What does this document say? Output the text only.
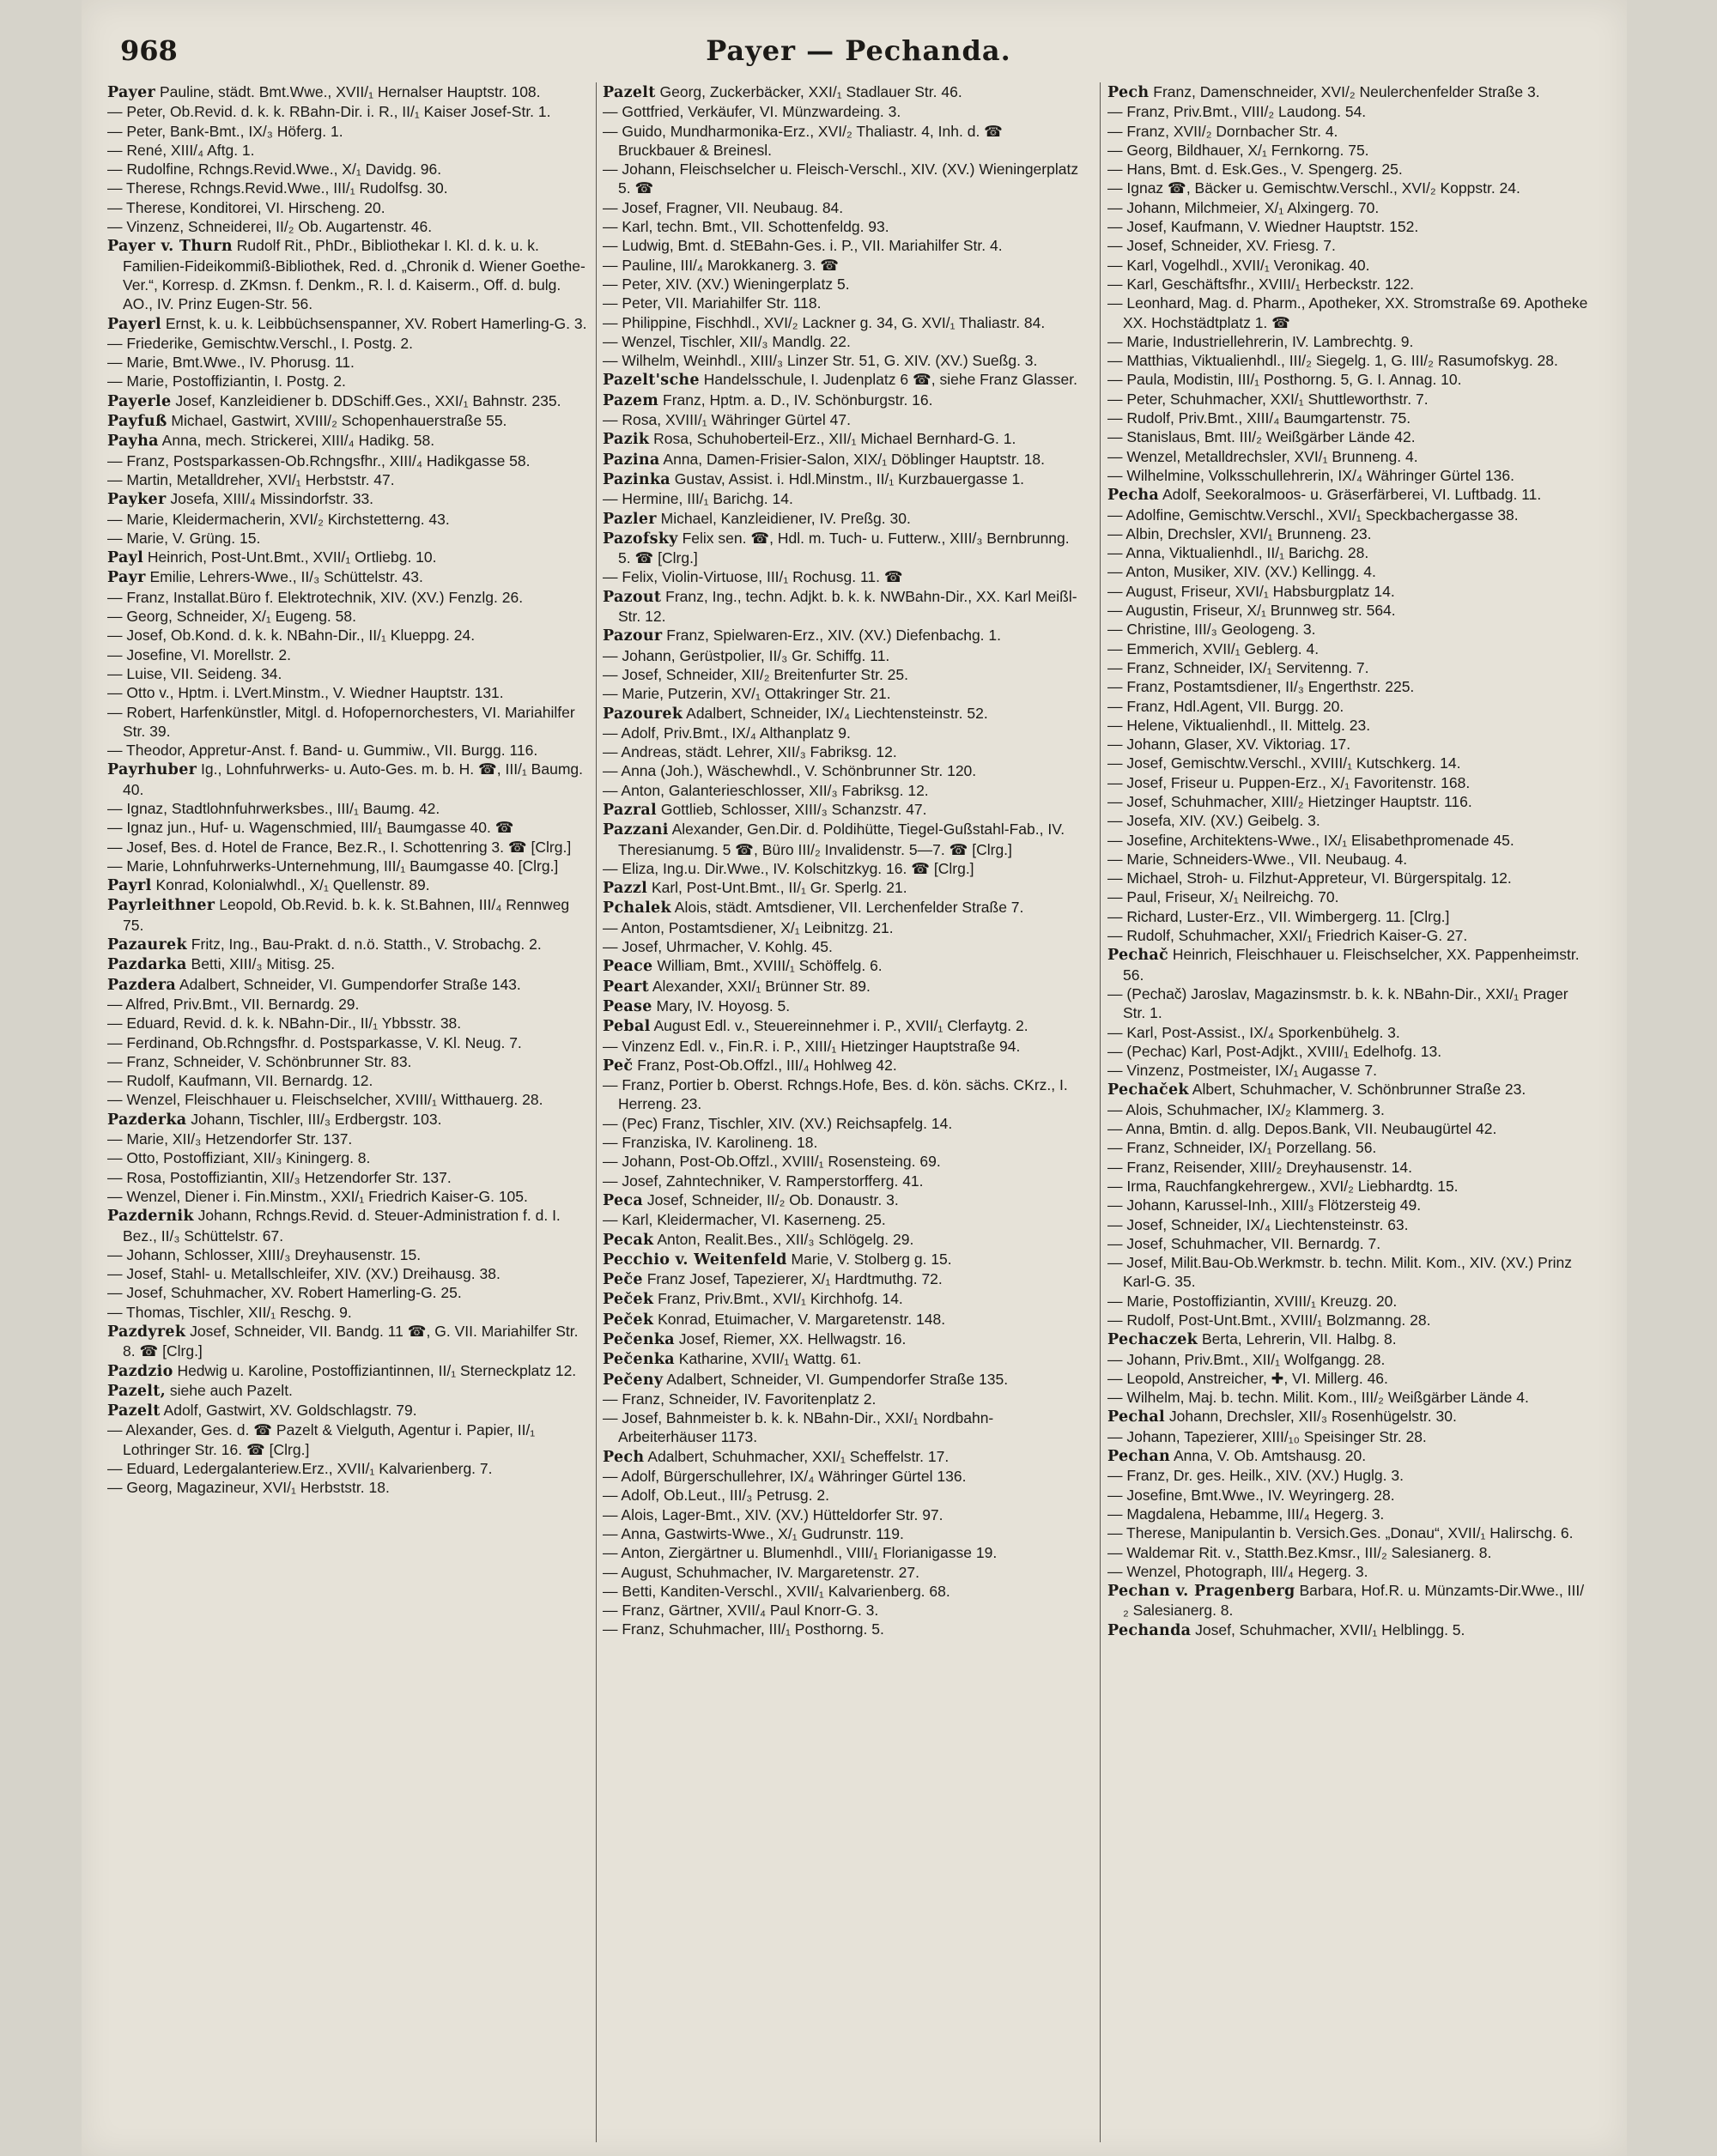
968	Payer — Pechanda.

Payer Pauline, städt. Bmt.Wwe., XVII/₁ Hernalser Hauptstr. 108.

— Peter, Ob.Revid. d. k. k. RBahn-Dir. i. R., II/₁ Kaiser Josef-Str. 1.

— Peter, Bank-Bmt., IX/₃ Höferg. 1.

— René, XIII/₄ Aftg. 1.

— Rudolfine, Rchngs.Revid.Wwe., X/₁ Davidg. 96.

— Therese, Rchngs.Revid.Wwe., III/₁ Rudolfsg. 30.

— Therese, Konditorei, VI. Hirscheng. 20.

— Vinzenz, Schneiderei, II/₂ Ob. Augartenstr. 46.

Payer v. Thurn Rudolf Rit., PhDr., Bibliothekar I. Kl. d. k. u. k. Familien-Fideikommiß-Bibliothek, Red. d. „Chronik d. Wiener Goethe-Ver.“, Korresp. d. ZKmsn. f. Denkm., R. l. d. Kaiserm., Off. d. bulg. AO., IV. Prinz Eugen-Str. 56.

Payerl Ernst, k. u. k. Leibbüchsenspanner, XV. Robert Hamerling-G. 3.

— Friederike, Gemischtw.Verschl., I. Postg. 2.

— Marie, Bmt.Wwe., IV. Phorusg. 11.

— Marie, Postoffiziantin, I. Postg. 2.

Payerle Josef, Kanzleidiener b. DDSchiff.Ges., XXI/₁ Bahnstr. 235.

Payfuß Michael, Gastwirt, XVIII/₂ Schopenhauerstraße 55.

Payha Anna, mech. Strickerei, XIII/₄ Hadikg. 58.

— Franz, Postsparkassen-Ob.Rchngsfhr., XIII/₄ Hadikgasse 58.

— Martin, Metalldreher, XVI/₁ Herbststr. 47.

Payker Josefa, XIII/₄ Missindorfstr. 33.

— Marie, Kleidermacherin, XVI/₂ Kirchstetterng. 43.

— Marie, V. Grüng. 15.

Payl Heinrich, Post-Unt.Bmt., XVII/₁ Ortliebg. 10.

Payr Emilie, Lehrers-Wwe., II/₃ Schüttelstr. 43.

— Franz, Installat.Büro f. Elektrotechnik, XIV. (XV.) Fenzlg. 26.

— Georg, Schneider, X/₁ Eugeng. 58.

— Josef, Ob.Kond. d. k. k. NBahn-Dir., II/₁ Klueppg. 24.

— Josefine, VI. Morellstr. 2.

— Luise, VII. Seideng. 34.

— Otto v., Hptm. i. LVert.Minstm., V. Wiedner Hauptstr. 131.

— Robert, Harfenkünstler, Mitgl. d. Hofopernorchesters, VI. Mariahilfer Str. 39.

— Theodor, Appretur-Anst. f. Band- u. Gummiw., VII. Burgg. 116.

Payrhuber Ig., Lohnfuhrwerks- u. Auto-Ges. m. b. H. ☎, III/₁ Baumg. 40.

— Ignaz, Stadtlohnfuhrwerksbes., III/₁ Baumg. 42.

— Ignaz jun., Huf- u. Wagenschmied, III/₁ Baumgasse 40. ☎

— Josef, Bes. d. Hotel de France, Bez.R., I. Schottenring 3. ☎ [Clrg.]

— Marie, Lohnfuhrwerks-Unternehmung, III/₁ Baumgasse 40. [Clrg.]

Payrl Konrad, Kolonialwhdl., X/₁ Quellenstr. 89.

Payrleithner Leopold, Ob.Revid. b. k. k. St.Bahnen, III/₄ Rennweg 75.

Pazaurek Fritz, Ing., Bau-Prakt. d. n.ö. Statth., V. Strobachg. 2.

Pazdarka Betti, XIII/₃ Mitisg. 25.

Pazdera Adalbert, Schneider, VI. Gumpendorfer Straße 143.

— Alfred, Priv.Bmt., VII. Bernardg. 29.

— Eduard, Revid. d. k. k. NBahn-Dir., II/₁ Ybbsstr. 38.

— Ferdinand, Ob.Rchngsfhr. d. Postsparkasse, V. Kl. Neug. 7.

— Franz, Schneider, V. Schönbrunner Str. 83.

— Rudolf, Kaufmann, VII. Bernardg. 12.

— Wenzel, Fleischhauer u. Fleischselcher, XVIII/₁ Witthauerg. 28.

Pazderka Johann, Tischler, III/₃ Erdbergstr. 103.

— Marie, XII/₃ Hetzendorfer Str. 137.

— Otto, Postoffiziant, XII/₃ Kiningerg. 8.

— Rosa, Postoffiziantin, XII/₃ Hetzendorfer Str. 137.

— Wenzel, Diener i. Fin.Minstm., XXI/₁ Friedrich Kaiser-G. 105.

Pazdernik Johann, Rchngs.Revid. d. Steuer-Administration f. d. I. Bez., II/₃ Schüttelstr. 67.

— Johann, Schlosser, XIII/₃ Dreyhausenstr. 15.

— Josef, Stahl- u. Metallschleifer, XIV. (XV.) Dreihausg. 38.

— Josef, Schuhmacher, XV. Robert Hamerling-G. 25.

— Thomas, Tischler, XII/₁ Reschg. 9.

Pazdyrek Josef, Schneider, VII. Bandg. 11 ☎, G. VII. Mariahilfer Str. 8. ☎ [Clrg.]

Pazdzio Hedwig u. Karoline, Postoffiziantinnen, II/₁ Sterneckplatz 12.

Pazelt, siehe auch Pazelt.

Pazelt Adolf, Gastwirt, XV. Goldschlagstr. 79.

— Alexander, Ges. d. ☎ Pazelt & Vielguth, Agentur i. Papier, II/₁ Lothringer Str. 16. ☎ [Clrg.]

— Eduard, Ledergalanteriew.Erz., XVII/₁ Kalvarienberg. 7.

— Georg, Magazineur, XVI/₁ Herbststr. 18.

Pazelt Georg, Zuckerbäcker, XXI/₁ Stadlauer Str. 46.

— Gottfried, Verkäufer, VI. Münzwardeing. 3.

— Guido, Mundharmonika-Erz., XVI/₂ Thaliastr. 4, Inh. d. ☎ Bruckbauer & Breinesl.

— Johann, Fleischselcher u. Fleisch-Verschl., XIV. (XV.) Wieningerplatz 5. ☎

— Josef, Fragner, VII. Neubaug. 84.

— Karl, techn. Bmt., VII. Schottenfeldg. 93.

— Ludwig, Bmt. d. StEBahn-Ges. i. P., VII. Mariahilfer Str. 4.

— Pauline, III/₄ Marokkanerg. 3. ☎

— Peter, XIV. (XV.) Wieningerplatz 5.

— Peter, VII. Mariahilfer Str. 118.

— Philippine, Fischhdl., XVI/₂ Lackner g. 34, G. XVI/₁ Thaliastr. 84.

— Wenzel, Tischler, XII/₃ Mandlg. 22.

— Wilhelm, Weinhdl., XIII/₃ Linzer Str. 51, G. XIV. (XV.) Sueßg. 3.

Pazelt'sche Handelsschule, I. Judenplatz 6 ☎, siehe Franz Glasser.

Pazem Franz, Hptm. a. D., IV. Schönburgstr. 16.

— Rosa, XVIII/₁ Währinger Gürtel 47.

Pazik Rosa, Schuhoberteil-Erz., XII/₁ Michael Bernhard-G. 1.

Pazina Anna, Damen-Frisier-Salon, XIX/₁ Döblinger Hauptstr. 18.

Pazinka Gustav, Assist. i. Hdl.Minstm., II/₁ Kurzbauergasse 1.

— Hermine, III/₁ Barichg. 14.

Pazler Michael, Kanzleidiener, IV. Preßg. 30.

Pazofsky Felix sen. ☎, Hdl. m. Tuch- u. Futterw., XIII/₃ Bernbrunng. 5. ☎ [Clrg.]

— Felix, Violin-Virtuose, III/₁ Rochusg. 11. ☎

Pazout Franz, Ing., techn. Adjkt. b. k. k. NWBahn-Dir., XX. Karl Meißl-Str. 12.

Pazour Franz, Spielwaren-Erz., XIV. (XV.) Diefenbachg. 1.

— Johann, Gerüstpolier, II/₃ Gr. Schiffg. 11.

— Josef, Schneider, XII/₂ Breitenfurter Str. 25.

— Marie, Putzerin, XV/₁ Ottakringer Str. 21.

Pazourek Adalbert, Schneider, IX/₄ Liechtensteinstr. 52.

— Adolf, Priv.Bmt., IX/₄ Althanplatz 9.

— Andreas, städt. Lehrer, XII/₃ Fabriksg. 12.

— Anna (Joh.), Wäschewhdl., V. Schönbrunner Str. 120.

— Anton, Galanterieschlosser, XII/₃ Fabriksg. 12.

Pazral Gottlieb, Schlosser, XIII/₃ Schanzstr. 47.

Pazzani Alexander, Gen.Dir. d. Poldihütte, Tiegel-Gußstahl-Fab., IV. Theresianumg. 5 ☎, Büro III/₂ Invalidenstr. 5—7. ☎ [Clrg.]

— Eliza, Ing.u. Dir.Wwe., IV. Kolschitzkyg. 16. ☎ [Clrg.]

Pazzl Karl, Post-Unt.Bmt., II/₁ Gr. Sperlg. 21.

Pchalek Alois, städt. Amtsdiener, VII. Lerchenfelder Straße 7.

— Anton, Postamtsdiener, X/₁ Leibnitzg. 21.

— Josef, Uhrmacher, V. Kohlg. 45.

Peace William, Bmt., XVIII/₁ Schöffelg. 6.

Peart Alexander, XXI/₁ Brünner Str. 89.

Pease Mary, IV. Hoyosg. 5.

Pebal August Edl. v., Steuereinnehmer i. P., XVII/₁ Clerfaytg. 2.

— Vinzenz Edl. v., Fin.R. i. P., XIII/₁ Hietzinger Hauptstraße 94.

Peč Franz, Post-Ob.Offzl., III/₄ Hohlweg 42.

— Franz, Portier b. Oberst. Rchngs.Hofe, Bes. d. kön. sächs. CKrz., I. Herreng. 23.

— (Pec) Franz, Tischler, XIV. (XV.) Reichsapfelg. 14.

— Franziska, IV. Karolineng. 18.

— Johann, Post-Ob.Offzl., XVIII/₁ Rosensteing. 69.

— Josef, Zahntechniker, V. Ramperstorfferg. 41.

Peca Josef, Schneider, II/₂ Ob. Donaustr. 3.

— Karl, Kleidermacher, VI. Kaserneng. 25.

Pecak Anton, Realit.Bes., XII/₃ Schlögelg. 29.

Pecchio v. Weitenfeld Marie, V. Stolberg g. 15.

Peče Franz Josef, Tapezierer, X/₁ Hardtmuthg. 72.

Peček Franz, Priv.Bmt., XVI/₁ Kirchhofg. 14.

Peček Konrad, Etuimacher, V. Margaretenstr. 148.

Pečenka Josef, Riemer, XX. Hellwagstr. 16.

Pečenka Katharine, XVII/₁ Wattg. 61.

Pečeny Adalbert, Schneider, VI. Gumpendorfer Straße 135.

— Franz, Schneider, IV. Favoritenplatz 2.

— Josef, Bahnmeister b. k. k. NBahn-Dir., XXI/₁ Nordbahn-Arbeiterhäuser 1173.

Pech Adalbert, Schuhmacher, XXI/₁ Scheffelstr. 17.

— Adolf, Bürgerschullehrer, IX/₄ Währinger Gürtel 136.

— Adolf, Ob.Leut., III/₃ Petrusg. 2.

— Alois, Lager-Bmt., XIV. (XV.) Hütteldorfer Str. 97.

— Anna, Gastwirts-Wwe., X/₁ Gudrunstr. 119.

— Anton, Ziergärtner u. Blumenhdl., VIII/₁ Florianigasse 19.

— August, Schuhmacher, IV. Margaretenstr. 27.

— Betti, Kanditen-Verschl., XVII/₁ Kalvarienberg. 68.

— Franz, Gärtner, XVII/₄ Paul Knorr-G. 3.

— Franz, Schuhmacher, III/₁ Posthorng. 5.

Pech Franz, Damenschneider, XVI/₂ Neulerchenfelder Straße 3.

— Franz, Priv.Bmt., VIII/₂ Laudong. 54.

— Franz, XVII/₂ Dornbacher Str. 4.

— Georg, Bildhauer, X/₁ Fernkorng. 75.

— Hans, Bmt. d. Esk.Ges., V. Spengerg. 25.

— Ignaz ☎, Bäcker u. Gemischtw.Verschl., XVI/₂ Koppstr. 24.

— Johann, Milchmeier, X/₁ Alxingerg. 70.

— Josef, Kaufmann, V. Wiedner Hauptstr. 152.

— Josef, Schneider, XV. Friesg. 7.

— Karl, Vogelhdl., XVII/₁ Veronikag. 40.

— Karl, Geschäftsfhr., XVIII/₁ Herbeckstr. 122.

— Leonhard, Mag. d. Pharm., Apotheker, XX. Stromstraße 69. Apotheke XX. Hochstädtplatz 1. ☎

— Marie, Industriellehrerin, IV. Lambrechtg. 9.

— Matthias, Viktualienhdl., III/₂ Siegelg. 1, G. III/₂ Rasumofskyg. 28.

— Paula, Modistin, III/₁ Posthorng. 5, G. I. Annag. 10.

— Peter, Schuhmacher, XXI/₁ Shuttleworthstr. 7.

— Rudolf, Priv.Bmt., XIII/₄ Baumgartenstr. 75.

— Stanislaus, Bmt. III/₂ Weißgärber Lände 42.

— Wenzel, Metalldrechsler, XVI/₁ Brunneng. 4.

— Wilhelmine, Volksschullehrerin, IX/₄ Währinger Gürtel 136.

Pecha Adolf, Seekoralmoos- u. Gräserfärberei, VI. Luftbadg. 11.

— Adolfine, Gemischtw.Verschl., XVI/₁ Speckbachergasse 38.

— Albin, Drechsler, XVI/₁ Brunneng. 23.

— Anna, Viktualienhdl., II/₁ Barichg. 28.

— Anton, Musiker, XIV. (XV.) Kellingg. 4.

— August, Friseur, XVI/₁ Habsburgplatz 14.

— Augustin, Friseur, X/₁ Brunnweg str. 564.

— Christine, III/₃ Geologeng. 3.

— Emmerich, XVII/₁ Geblerg. 4.

— Franz, Schneider, IX/₁ Servitenng. 7.

— Franz, Postamtsdiener, II/₃ Engerthstr. 225.

— Franz, Hdl.Agent, VII. Burgg. 20.

— Helene, Viktualienhdl., II. Mittelg. 23.

— Johann, Glaser, XV. Viktoriag. 17.

— Josef, Gemischtw.Verschl., XVIII/₁ Kutschkerg. 14.

— Josef, Friseur u. Puppen-Erz., X/₁ Favoritenstr. 168.

— Josef, Schuhmacher, XIII/₂ Hietzinger Hauptstr. 116.

— Josefa, XIV. (XV.) Geibelg. 3.

— Josefine, Architektens-Wwe., IX/₁ Elisabethpromenade 45.

— Marie, Schneiders-Wwe., VII. Neubaug. 4.

— Michael, Stroh- u. Filzhut-Appreteur, VI. Bürgerspitalg. 12.

— Paul, Friseur, X/₁ Neilreichg. 70.

— Richard, Luster-Erz., VII. Wimbergerg. 11. [Clrg.]

— Rudolf, Schuhmacher, XXI/₁ Friedrich Kaiser-G. 27.

Pechač Heinrich, Fleischhauer u. Fleischselcher, XX. Pappenheimstr. 56.

— (Pechač) Jaroslav, Magazinsmstr. b. k. k. NBahn-Dir., XXI/₁ Prager Str. 1.

— Karl, Post-Assist., IX/₄ Sporkenbühelg. 3.

— (Pechac) Karl, Post-Adjkt., XVIII/₁ Edelhofg. 13.

— Vinzenz, Postmeister, IX/₁ Augasse 7.

Pechaček Albert, Schuhmacher, V. Schönbrunner Straße 23.

— Alois, Schuhmacher, IX/₂ Klammerg. 3.

— Anna, Bmtin. d. allg. Depos.Bank, VII. Neubaugürtel 42.

— Franz, Schneider, IX/₁ Porzellang. 56.

— Franz, Reisender, XIII/₂ Dreyhausenstr. 14.

— Irma, Rauchfangkehrergew., XVI/₂ Liebhardtg. 15.

— Johann, Karussel-Inh., XIII/₃ Flötzersteig 49.

— Josef, Schneider, IX/₄ Liechtensteinstr. 63.

— Josef, Schuhmacher, VII. Bernardg. 7.

— Josef, Milit.Bau-Ob.Werkmstr. b. techn. Milit. Kom., XIV. (XV.) Prinz Karl-G. 35.

— Marie, Postoffiziantin, XVIII/₁ Kreuzg. 20.

— Rudolf, Post-Unt.Bmt., XVIII/₁ Bolzmanng. 28.

Pechaczek Berta, Lehrerin, VII. Halbg. 8.

— Johann, Priv.Bmt., XII/₁ Wolfgangg. 28.

— Leopold, Anstreicher, ✚, VI. Millerg. 46.

— Wilhelm, Maj. b. techn. Milit. Kom., III/₂ Weißgärber Lände 4.

Pechal Johann, Drechsler, XII/₃ Rosenhügelstr. 30.

— Johann, Tapezierer, XIII/₁₀ Speisinger Str. 28.

Pechan Anna, V. Ob. Amtshausg. 20.

— Franz, Dr. ges. Heilk., XIV. (XV.) Huglg. 3.

— Josefine, Bmt.Wwe., IV. Weyringerg. 28.

— Magdalena, Hebamme, III/₄ Hegerg. 3.

— Therese, Manipulantin b. Versich.Ges. „Donau“, XVII/₁ Halirschg. 6.

— Waldemar Rit. v., Statth.Bez.Kmsr., III/₂ Salesianerg. 8.

— Wenzel, Photograph, III/₄ Hegerg. 3.

Pechan v. Pragenberg Barbara, Hof.R. u. Münzamts-Dir.Wwe., III/₂ Salesianerg. 8.

Pechanda Josef, Schuhmacher, XVII/₁ Helblingg. 5.
